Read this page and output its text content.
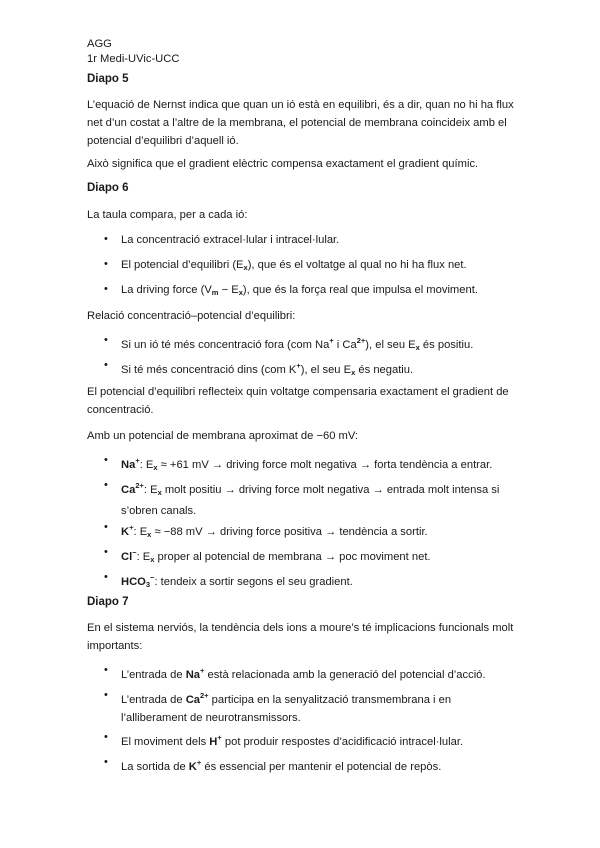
AGG
1r Medi-UVic-UCC
Diapo 5
L’equació de Nernst indica que quan un ió està en equilibri, és a dir, quan no hi ha flux net d’un costat a l’altre de la membrana, el potencial de membrana coincideix amb el potencial d’equilibri d’aquell ió.
Això significa que el gradient elèctric compensa exactament el gradient químic.
Diapo 6
La taula compara, per a cada ió:
• La concentració extracel·lular i intracel·lular.
• El potencial d’equilibri $(E_x)$, que és el voltatge al qual no hi ha flux net.
• La driving force $(V_m - E_x)$, que és la força real que impulsa el moviment.
Relació concentració–potencial d’equilibri:
• Si un ió té més concentració fora (com Na+ i $Ca^{2+}$), el seu $E_x$ és positiu.
• Si té més concentració dins (com K+), el seu $E_x$ és negatiu.
El potencial d’equilibri reflecteix quin voltatge compensaria exactament el gradient de concentració.
Amb un potencial de membrana aproximat de −60 mV:
• Na+: $E_x \approx +61$ mV → driving force molt negativa → forta tendència a entrar.
• $Ca^{2+}$: $E_x$ molt positiu → driving force molt negativa → entrada molt intensa si
s’obren canals.
• K+: $E_x \approx -88$ mV → driving force positiva → tendència a sortir.
• Cl−: $E_x$ proper al potencial de membrana → poc moviment net.
• $HCO_3^-$: tendeix a sortir segons el seu gradient.
Diapo 7
En el sistema nerviós, la tendència dels ions a moure’s té implicacions funcionals molt importants:
• L’entrada de Na+ està relacionada amb la generació del potencial d’acció.
• L’entrada de $Ca^{2+}$ participa en la senyalització transmembrana i en
l’alliberament de neurotransmissors.
• El moviment dels H+ pot produir respostes d’acidificació intracel·lular.
• La sortida de K+ és essencial per mantenir el potencial de repòs.
